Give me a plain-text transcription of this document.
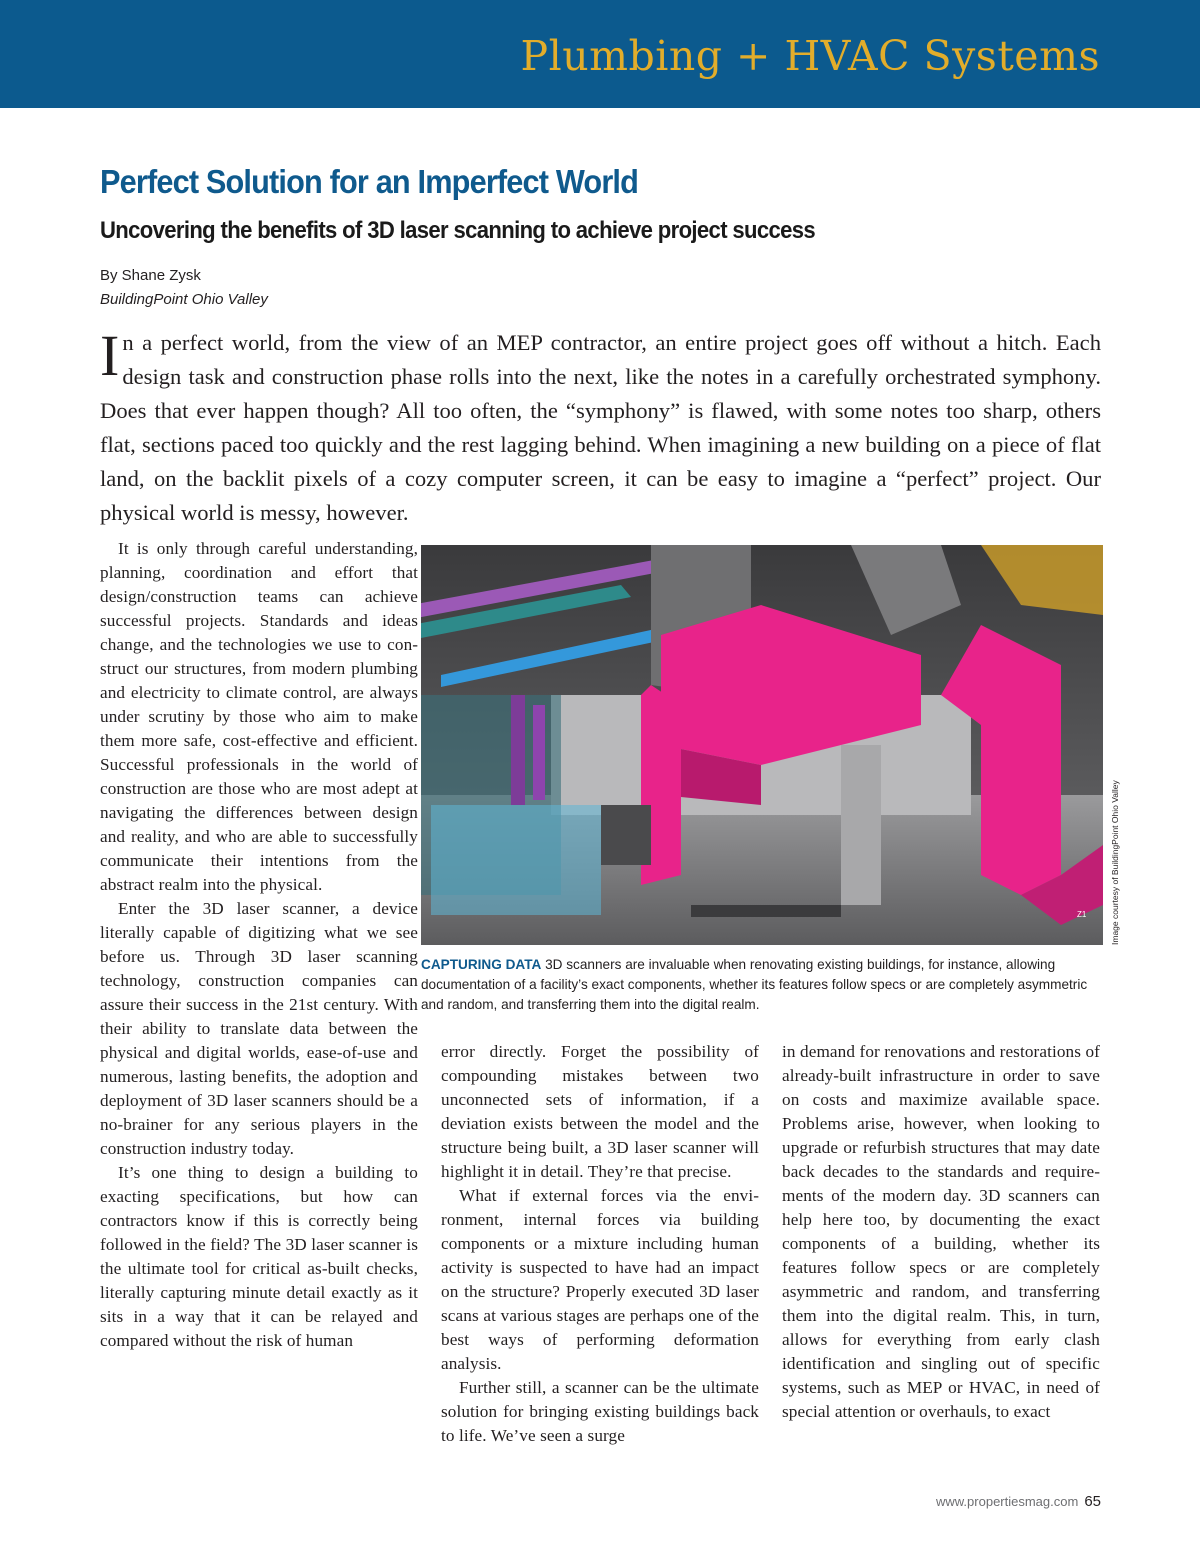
Plumbing + HVAC Systems
Perfect Solution for an Imperfect World
Uncovering the benefits of 3D laser scanning to achieve project success
By Shane Zysk
BuildingPoint Ohio Valley

In a perfect world, from the view of an MEP contractor, an entire project goes off without a hitch. Each design task and construction phase rolls into the next, like the notes in a carefully orchestrated symphony. Does that ever happen though? All too often, the “symphony” is flawed, with some notes too sharp, others flat, sections paced too quickly and the rest lagging behind. When imagining a new building on a piece of flat land, on the backlit pixels of a cozy computer screen, it can be easy to imagine a “perfect” project. Our physical world is messy, however.

It is only through careful understanding, planning, coordination and effort that design/construction teams can achieve successful projects. Standards and ideas change, and the technologies we use to construct our structures, from modern plumbing and electricity to climate control, are always under scrutiny by those who aim to make them more safe, cost-effective and efficient. Successful professionals in the world of construction are those who are most adept at navigating the differences between design and reality, and who are able to successfully communicate their intentions from the abstract realm into the physical.

Enter the 3D laser scanner, a device literally capable of digitizing what we see before us. Through 3D laser scanning technology, construction companies can assure their success in the 21st century. With their ability to translate data between the physical and digital worlds, ease-of-use and numerous, lasting benefits, the adoption and deployment of 3D laser scanners should be a no-brainer for any serious players in the construction industry today.

It’s one thing to design a building to exacting specifications, but how can contractors know if this is correctly being followed in the field? The 3D laser scanner is the ultimate tool for critical as-built checks, literally capturing minute detail exactly as it sits in a way that it can be relayed and compared without the risk of human

Z1	Image courtesy of BuildingPoint Ohio Valley

CAPTURING DATA 3D scanners are invaluable when renovating existing buildings, for instance, allowing documentation of a facility’s exact components, whether its features follow specs or are completely asymmetric and random, and transferring them into the digital realm.

error directly. Forget the possibility of compounding mistakes between two unconnected sets of information, if a deviation exists between the model and the structure being built, a 3D laser scanner will highlight it in detail. They’re that precise.

What if external forces via the environment, internal forces via building components or a mixture including human activity is suspected to have had an impact on the structure? Properly executed 3D laser scans at various stages are perhaps one of the best ways of performing deformation analysis.

Further still, a scanner can be the ultimate solution for bringing existing buildings back to life. We’ve seen a surge

in demand for renovations and restorations of already-built infrastructure in order to save on costs and maximize available space. Problems arise, however, when looking to upgrade or refurbish structures that may date back decades to the standards and requirements of the modern day. 3D scanners can help here too, by documenting the exact components of a building, whether its features follow specs or are completely asymmetric and random, and transferring them into the digital realm. This, in turn, allows for everything from early clash identification and singling out of specific systems, such as MEP or HVAC, in need of special attention or overhauls, to exact

www.propertiesmag.com 65
